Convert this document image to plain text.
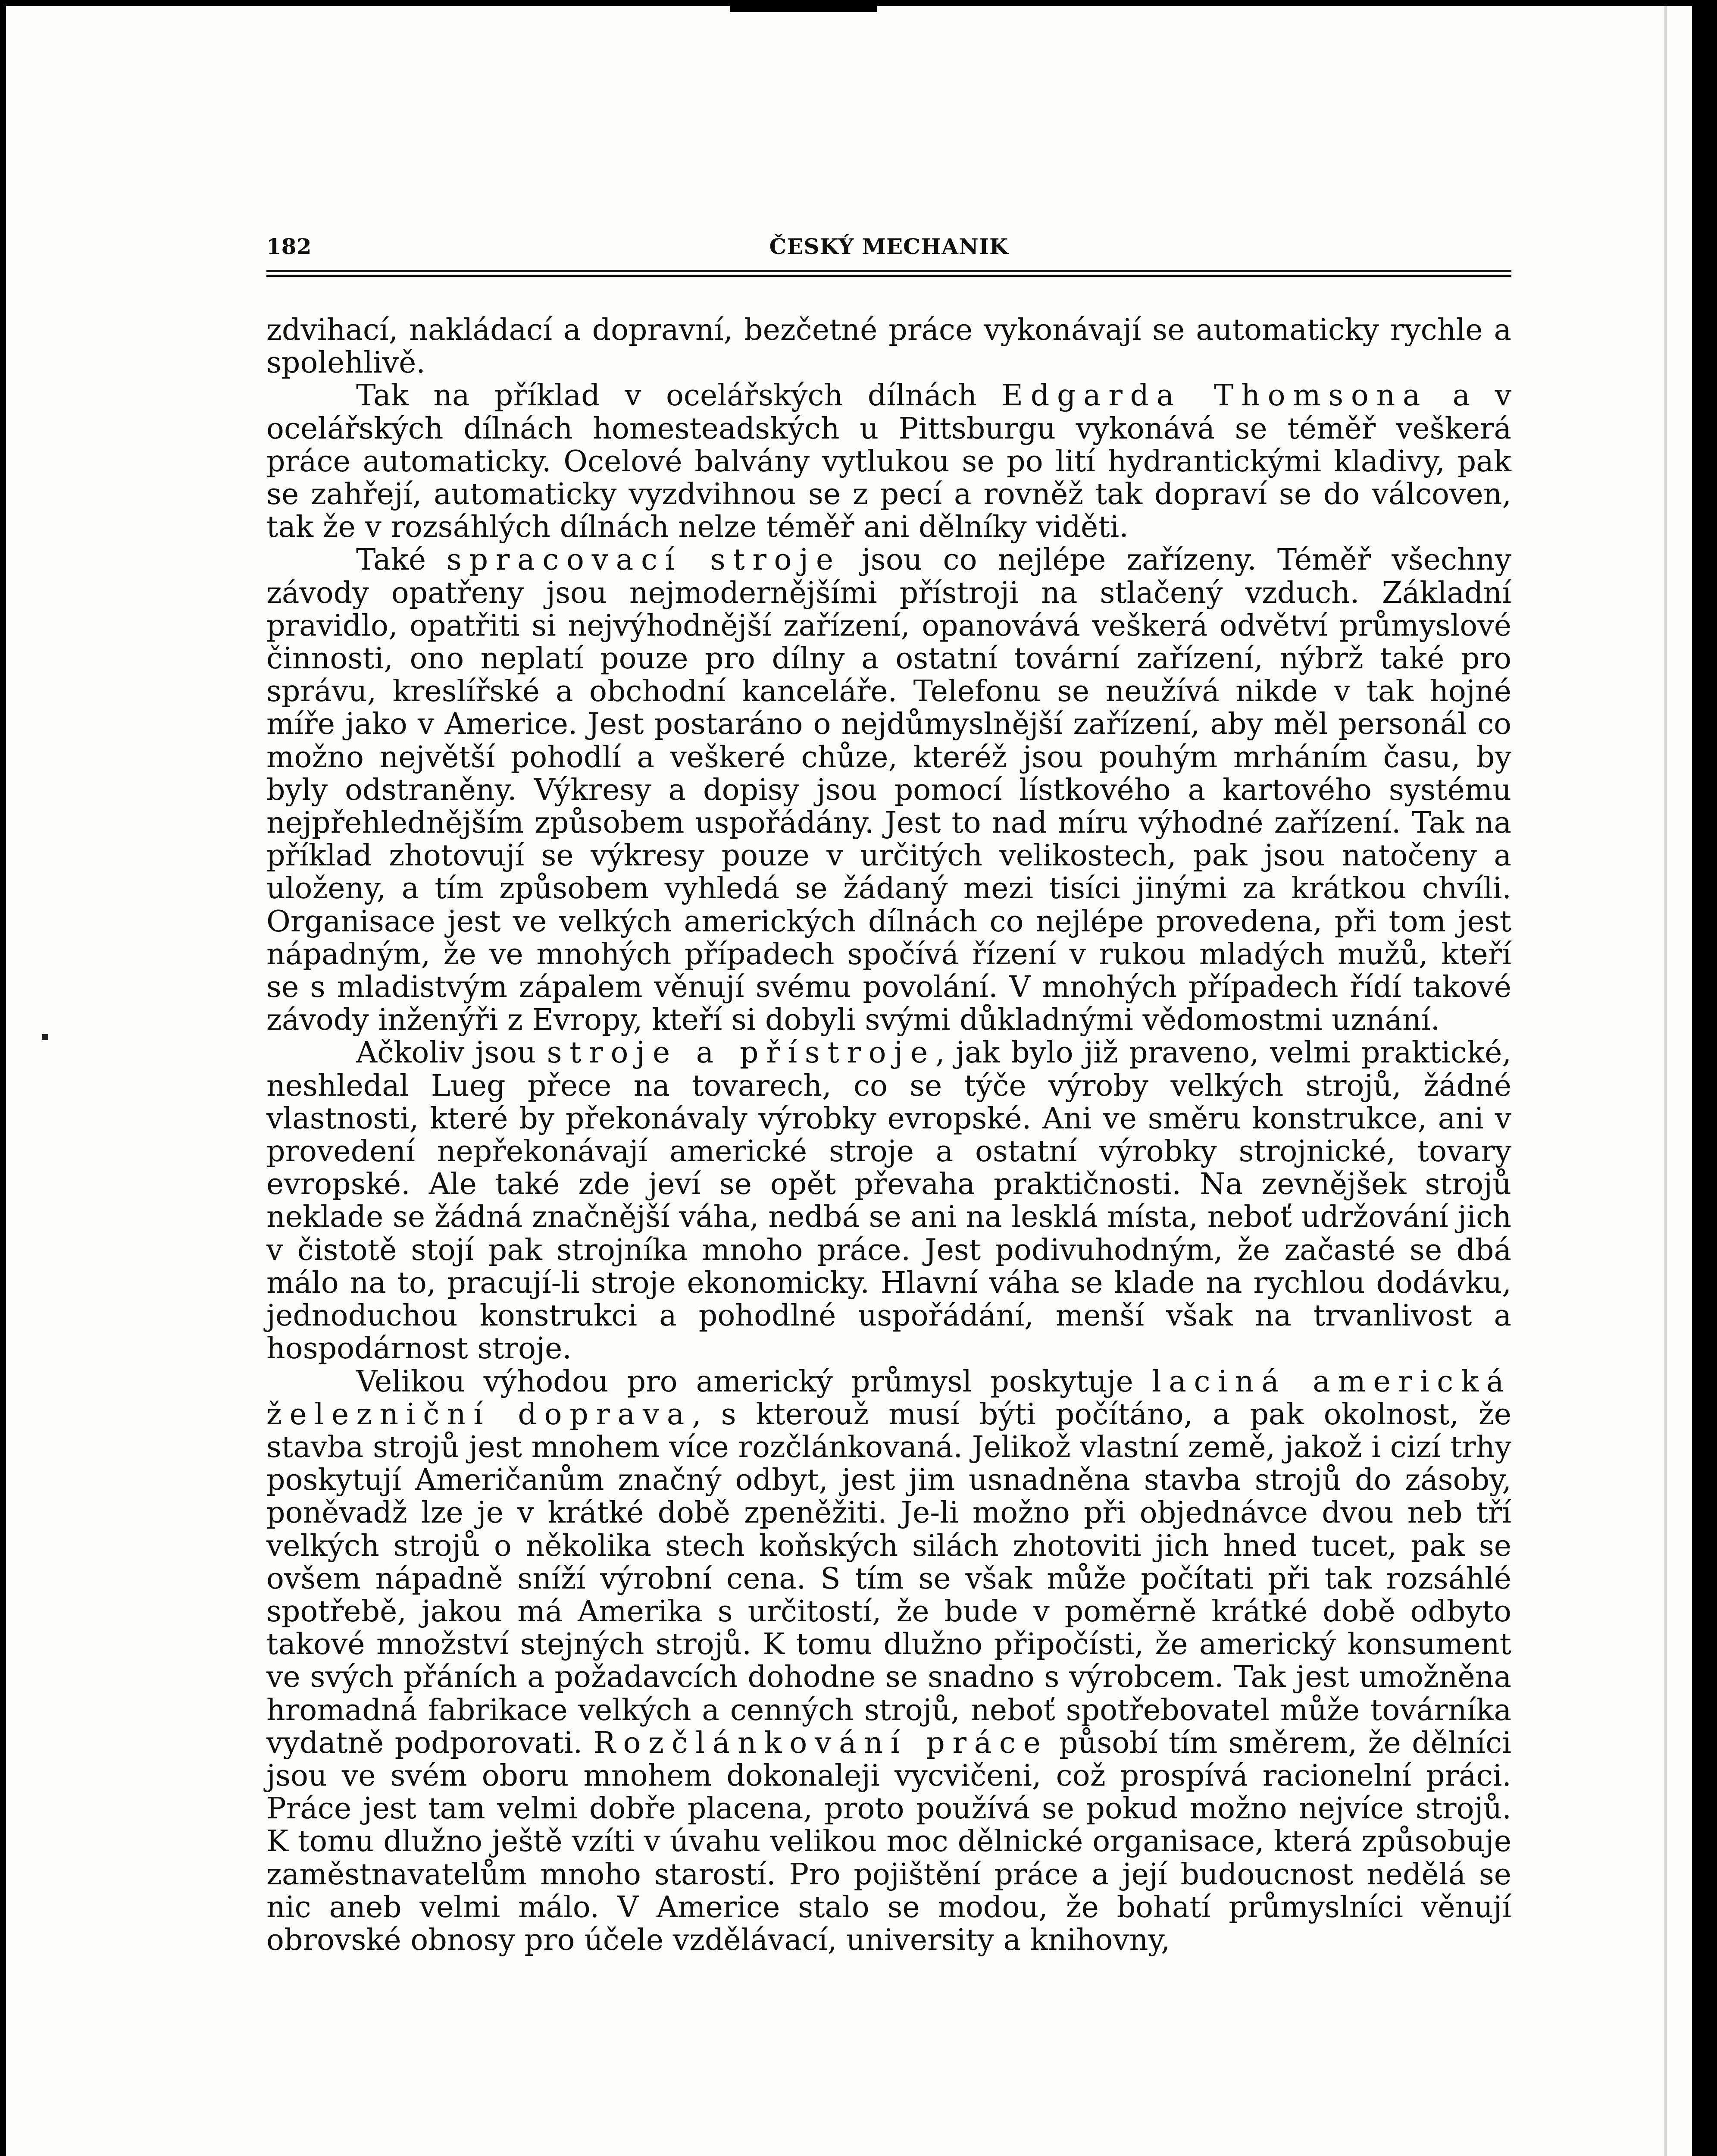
182	ČESKÝ MECHANIK

zdvihací, nakládací a dopravní, bezčetné práce vykonávají se automaticky rychle a spolehlivě.

Tak na příklad v ocelářských dílnách Edgarda Thomsona a v ocelářských dílnách homesteadských u Pittsburgu vykonává se téměř veškerá práce automaticky. Ocelové balvány vytlukou se po lití hydrantickými kladivy, pak se zahřejí, automaticky vyzdvihnou se z pecí a rovněž tak dopraví se do válcoven, tak že v rozsáhlých dílnách nelze téměř ani dělníky viděti.

Také spracovací stroje jsou co nejlépe zařízeny. Téměř všechny závody opatřeny jsou nejmodernějšími přístroji na stlačený vzduch. Základní pravidlo, opatřiti si nejvýhodnější zařízení, opanovává veškerá odvětví průmyslové činnosti, ono neplatí pouze pro dílny a ostatní tovární zařízení, nýbrž také pro správu, kreslířské a obchodní kanceláře. Telefonu se neužívá nikde v tak hojné míře jako v Americe. Jest postaráno o nejdůmyslnější zařízení, aby měl personál co možno největší pohodlí a veškeré chůze, kteréž jsou pouhým mrháním času, by byly odstraněny. Výkresy a dopisy jsou pomocí lístkového a kartového systému nejpřehlednějším způsobem uspořádány. Jest to nad míru výhodné zařízení. Tak na příklad zhotovují se výkresy pouze v určitých velikostech, pak jsou natočeny a uloženy, a tím způsobem vyhledá se žádaný mezi tisíci jinými za krátkou chvíli. Organisace jest ve velkých amerických dílnách co nejlépe provedena, při tom jest nápadným, že ve mnohých případech spočívá řízení v rukou mladých mužů, kteří se s mladistvým zápalem věnují svému povolání. V mnohých případech řídí takové závody inženýři z Evropy, kteří si dobyli svými důkladnými vědomostmi uznání.

Ačkoliv jsou stroje a přístroje, jak bylo již praveno, velmi praktické, neshledal Lueg přece na tovarech, co se týče výroby velkých strojů, žádné vlastnosti, které by překonávaly výrobky evropské. Ani ve směru konstrukce, ani v provedení nepřekonávají americké stroje a ostatní výrobky strojnické, tovary evropské. Ale také zde jeví se opět převaha praktičnosti. Na zevnějšek strojů neklade se žádná značnější váha, nedbá se ani na lesklá místa, neboť udržování jich v čistotě stojí pak strojníka mnoho práce. Jest podivuhodným, že začasté se dbá málo na to, pracují-li stroje ekonomicky. Hlavní váha se klade na rychlou dodávku, jednoduchou konstrukci a pohodlné uspořádání, menší však na trvanlivost a hospodárnost stroje.

Velikou výhodou pro americký průmysl poskytuje laciná americká železniční doprava, s kterouž musí býti počítáno, a pak okolnost, že stavba strojů jest mnohem více rozčlánkovaná. Jelikož vlastní země, jakož i cizí trhy poskytují Američanům značný odbyt, jest jim usnadněna stavba strojů do zásoby, poněvadž lze je v krátké době zpeněžiti. Je-li možno při objednávce dvou neb tří velkých strojů o několika stech koňských silách zhotoviti jich hned tucet, pak se ovšem nápadně sníží výrobní cena. S tím se však může počítati při tak rozsáhlé spotřebě, jakou má Amerika s určitostí, že bude v poměrně krátké době odbyto takové množství stejných strojů. K tomu dlužno připočísti, že americký konsument ve svých přáních a požadavcích dohodne se snadno s výrobcem. Tak jest umožněna hromadná fabrikace velkých a cenných strojů, neboť spotřebovatel může továrníka vydatně podporovati. Rozčlánkování práce působí tím směrem, že dělníci jsou ve svém oboru mnohem dokonaleji vycvičeni, což prospívá racionelní práci. Práce jest tam velmi dobře placena, proto používá se pokud možno nejvíce strojů. K tomu dlužno ještě vzíti v úvahu velikou moc dělnické organisace, která způsobuje zaměstnavatelům mnoho starostí. Pro pojištění práce a její budoucnost nedělá se nic aneb velmi málo. V Americe stalo se modou, že bohatí průmyslníci věnují obrovské obnosy pro účele vzdělávací, university a knihovny,
